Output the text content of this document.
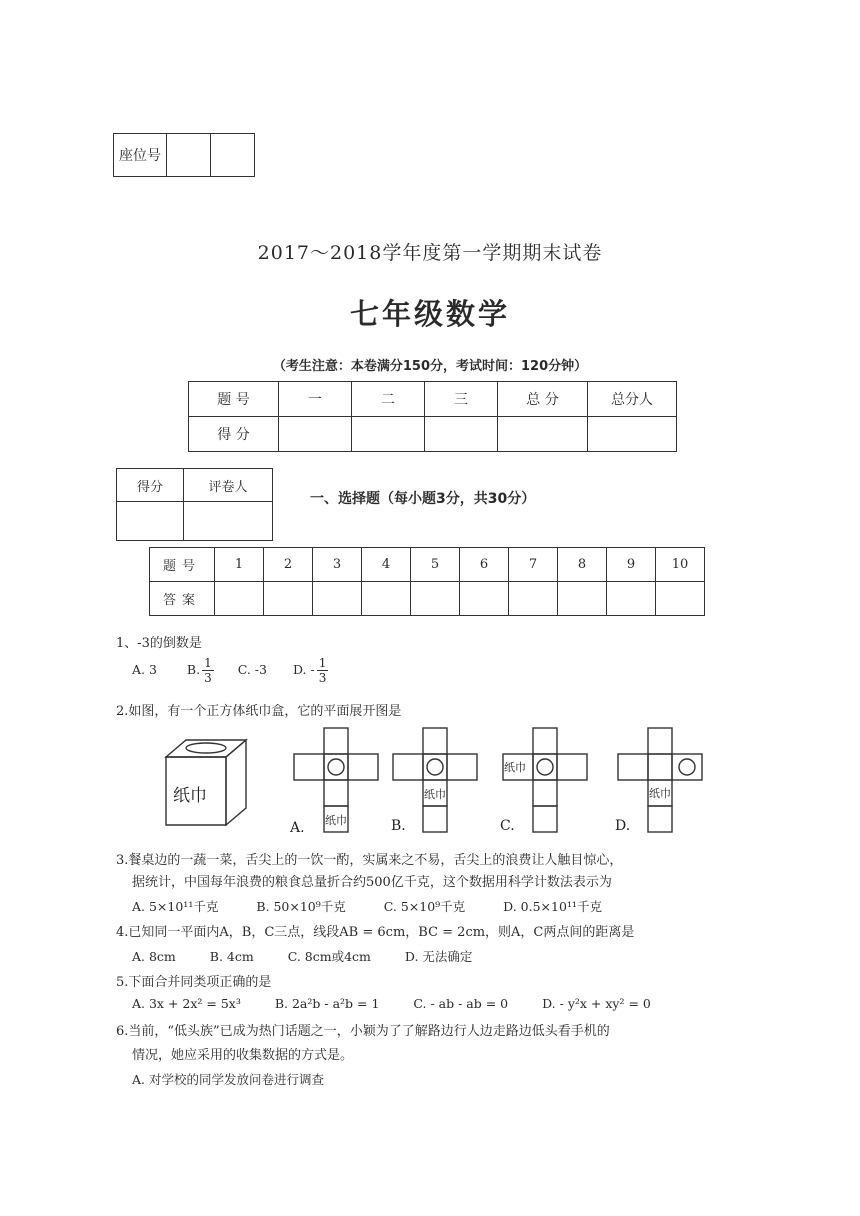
座位号		
2017～2018学年度第一学期期末试卷
七年级数学
（考生注意：本卷满分150分，考试时间：120分钟）
题 号	一	二	三	总 分	总分人
得 分					
得分	评卷人

一、选择题（每小题3分，共30分）
题号	1	2	3	4	5	6	7	8	9	10
答案										
1、-3的倒数是
A. 3 B. $\frac{1}{3} C$. -3 D. - $\frac{1}{3}$
2.如图，有一个正方体纸巾盒，它的平面展开图是
纸巾
纸巾
纸巾
纸巾
纸巾
A.	B.	C.	D.
3.餐桌边的一蔬一菜，舌尖上的一饮一酌，实属来之不易，舌尖上的浪费让人触目惊心，
据统计，中国每年浪费的粮食总量折合约500亿千克，这个数据用科学计数法表示为
A. 5×10¹¹千克	B. 50×10⁹千克	C. 5×10⁹千克	D. 0.5×10¹¹千克
4.已知同一平面内A，B，C三点，线段AB = 6cm，BC = 2cm，则A，C两点间的距离是
A. 8cm	B. 4cm	C. 8cm或4cm	D. 无法确定
5.下面合并同类项正确的是
A. 3x + 2x² = 5x³	B. 2a²b - a²b = 1	C. - ab - ab = 0	D. - y²x + xy² = 0
6.当前，“低头族”已成为热门话题之一，小颖为了了解路边行人边走路边低头看手机的
情况，她应采用的收集数据的方式是。
A. 对学校的同学发放问卷进行调查
